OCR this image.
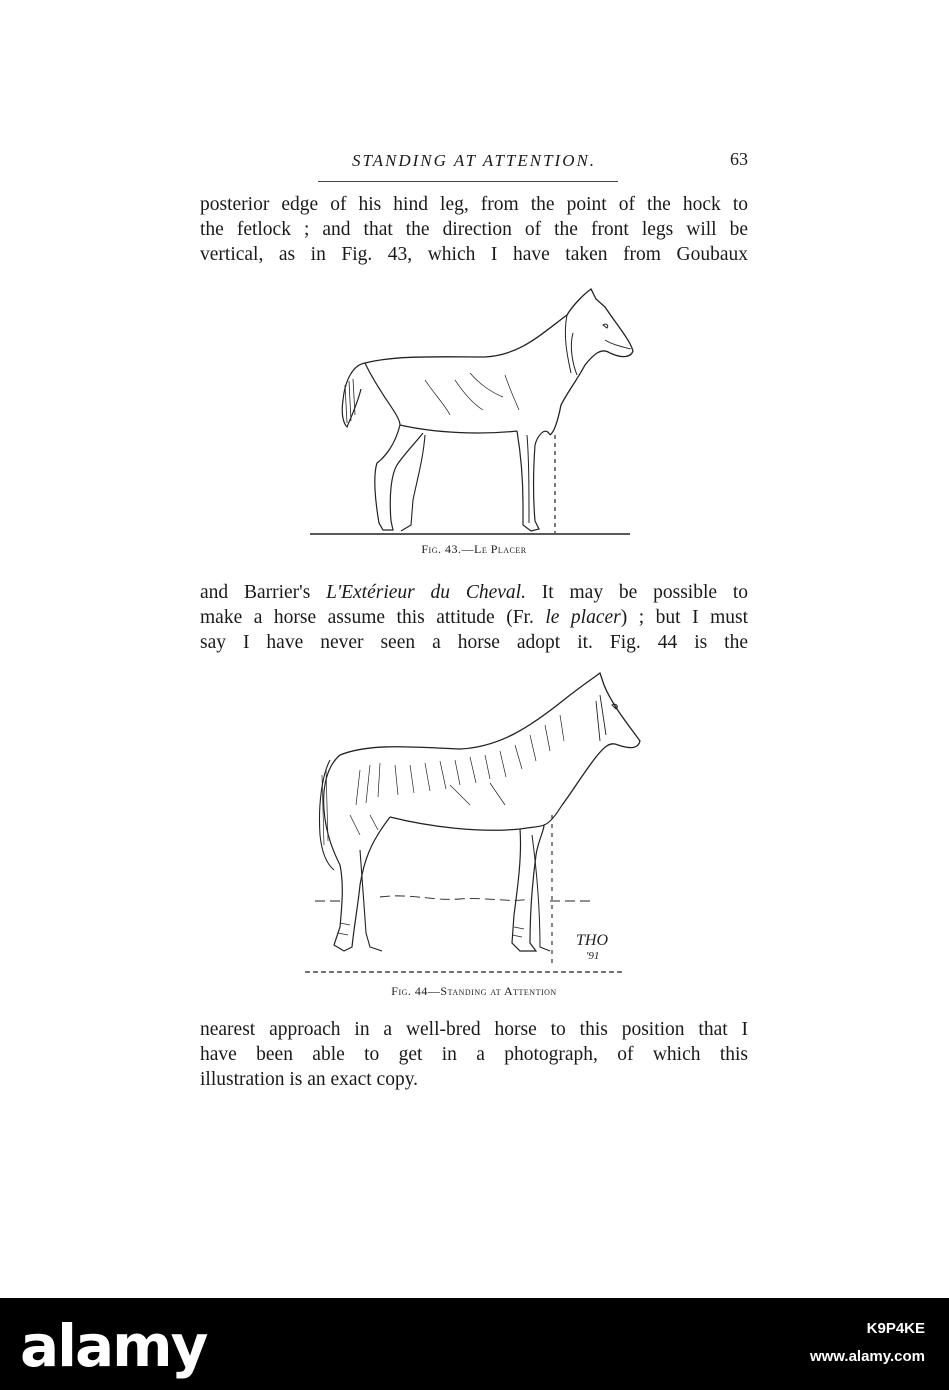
STANDING AT ATTENTION.	63

posterior edge of his hind leg, from the point of the hock to
the fetlock ; and that the direction of the front legs will be
vertical, as in Fig. 43, which I have taken from Goubaux

Fig. 43.—Le Placer

and Barrier's L'Extérieur du Cheval. It may be possible to
make a horse assume this attitude (Fr. le placer) ; but I must
say I have never seen a horse adopt it. Fig. 44 is the

THO
'91
Fig. 44—Standing at Attention

nearest approach in a well-bred horse to this position that I
have been able to get in a photograph, of which this
illustration is an exact copy.

alamy	K9P4KE
www.alamy.com
